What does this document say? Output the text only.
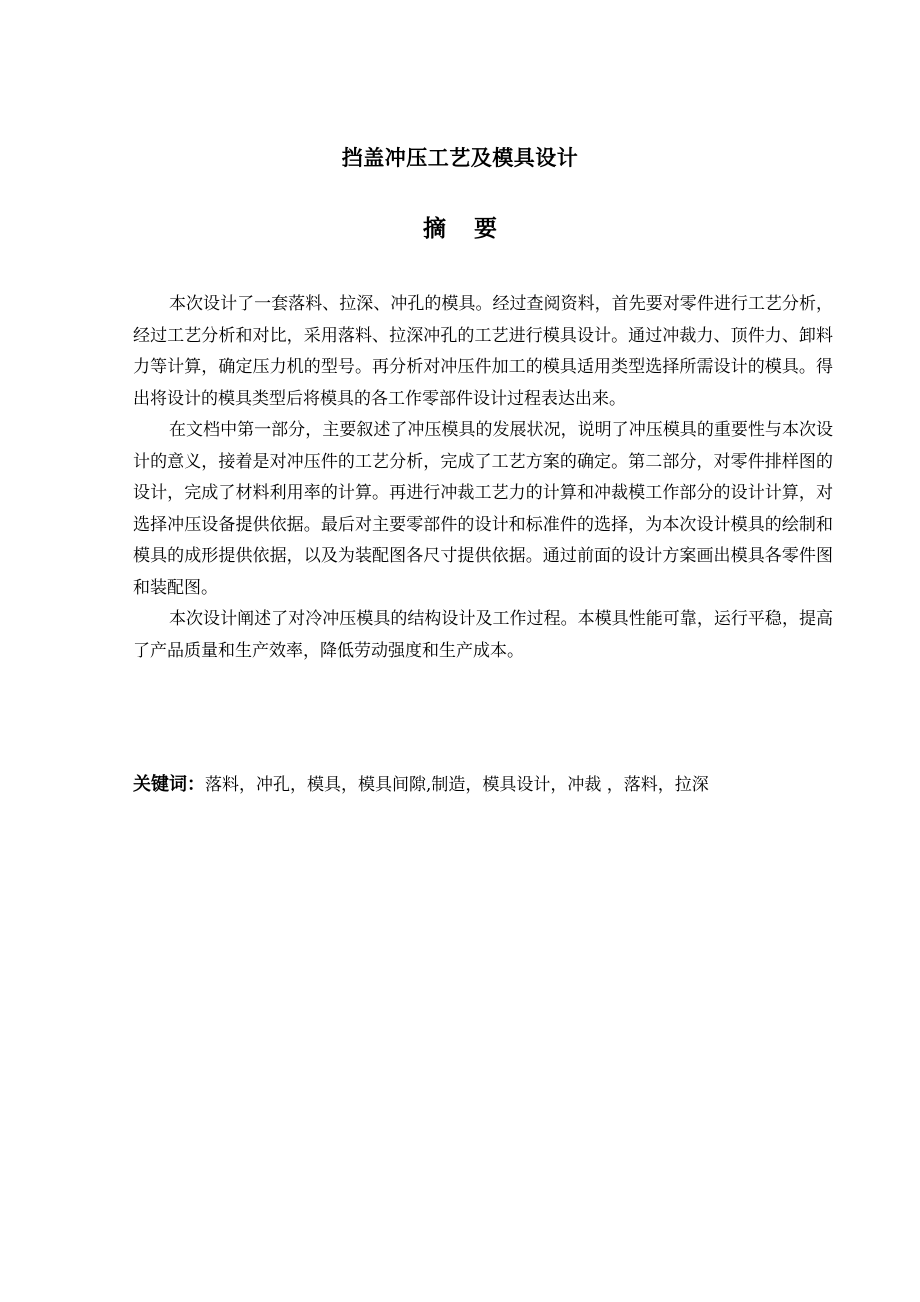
挡盖冲压工艺及模具设计
摘 要

本次设计了一套落料、拉深、冲孔的模具。经过查阅资料，首先要对零件进行工艺分析，经过工艺分析和对比，采用落料、拉深冲孔的工艺进行模具设计。通过冲裁力、顶件力、卸料力等计算，确定压力机的型号。再分析对冲压件加工的模具适用类型选择所需设计的模具。得出将设计的模具类型后将模具的各工作零部件设计过程表达出来。

在文档中第一部分，主要叙述了冲压模具的发展状况，说明了冲压模具的重要性与本次设计的意义，接着是对冲压件的工艺分析，完成了工艺方案的确定。第二部分，对零件排样图的设计，完成了材料利用率的计算。再进行冲裁工艺力的计算和冲裁模工作部分的设计计算，对选择冲压设备提供依据。最后对主要零部件的设计和标准件的选择，为本次设计模具的绘制和模具的成形提供依据，以及为装配图各尺寸提供依据。通过前面的设计方案画出模具各零件图和装配图。

本次设计阐述了对冷冲压模具的结构设计及工作过程。本模具性能可靠，运行平稳，提高了产品质量和生产效率，降低劳动强度和生产成本。

关键词：落料，冲孔，模具，模具间隙,制造，模具设计，冲裁 ，落料，拉深
